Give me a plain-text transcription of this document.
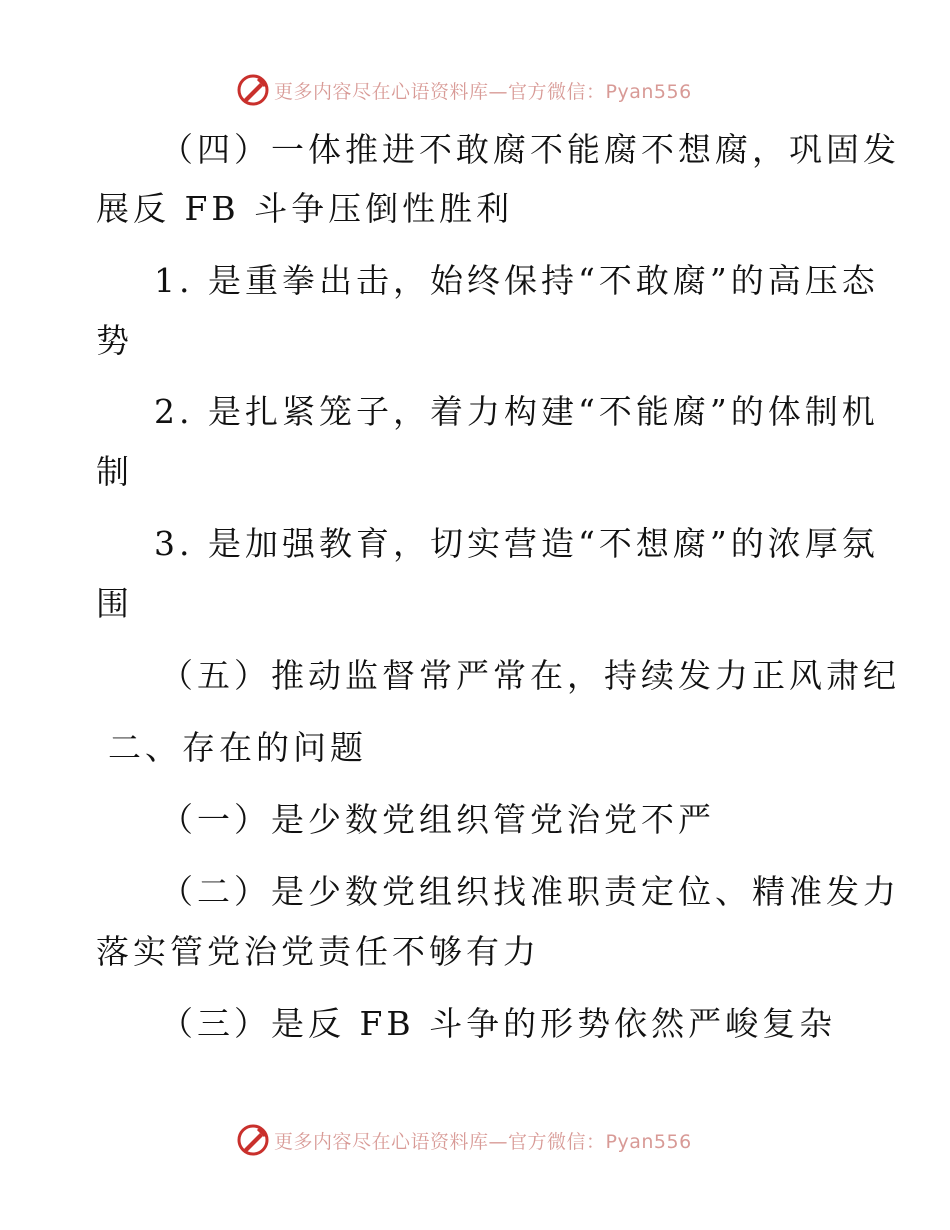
更多内容尽在心语资料库—官方微信：Pyan556
（四）一体推进不敢腐不能腐不想腐，巩固发
展反 FB 斗争压倒性胜利
1. 是重拳出击，始终保持“不敢腐”的高压态
势
2. 是扎紧笼子，着力构建“不能腐”的体制机
制
3. 是加强教育，切实营造“不想腐”的浓厚氛
围
（五）推动监督常严常在，持续发力正风肃纪
二、存在的问题
（一）是少数党组织管党治党不严
（二）是少数党组织找准职责定位、精准发力
落实管党治党责任不够有力
（三）是反 FB 斗争的形势依然严峻复杂
更多内容尽在心语资料库—官方微信：Pyan556
